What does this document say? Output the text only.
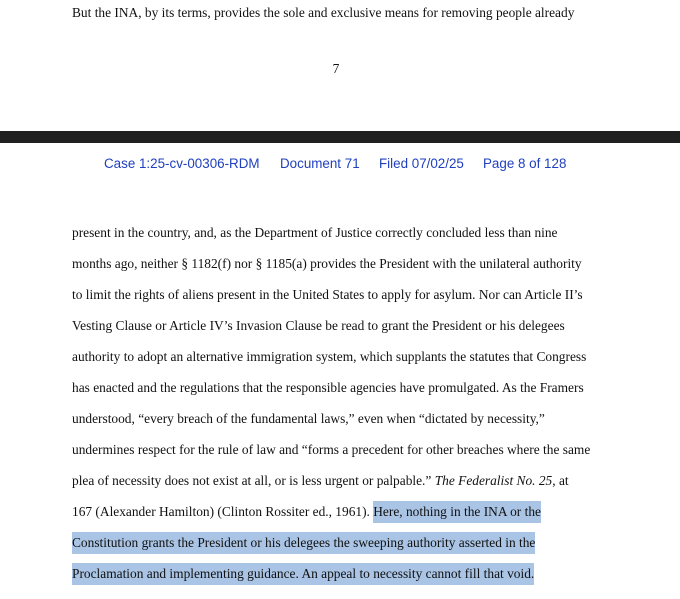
But the INA, by its terms, provides the sole and exclusive means for removing people already
7
Case 1:25-cv-00306-RDM Document 71 Filed 07/02/25 Page 8 of 128
present in the country, and, as the Department of Justice correctly concluded less than nine
months ago, neither § 1182(f) nor § 1185(a) provides the President with the unilateral authority
to limit the rights of aliens present in the United States to apply for asylum. Nor can Article II’s
Vesting Clause or Article IV’s Invasion Clause be read to grant the President or his delegees
authority to adopt an alternative immigration system, which supplants the statutes that Congress
has enacted and the regulations that the responsible agencies have promulgated. As the Framers
understood, “every breach of the fundamental laws,” even when “dictated by necessity,”
undermines respect for the rule of law and “forms a precedent for other breaches where the same
plea of necessity does not exist at all, or is less urgent or palpable.” The Federalist No. 25, at
167 (Alexander Hamilton) (Clinton Rossiter ed., 1961). Here, nothing in the INA or the
Constitution grants the President or his delegees the sweeping authority asserted in the
Proclamation and implementing guidance. An appeal to necessity cannot fill that void.
